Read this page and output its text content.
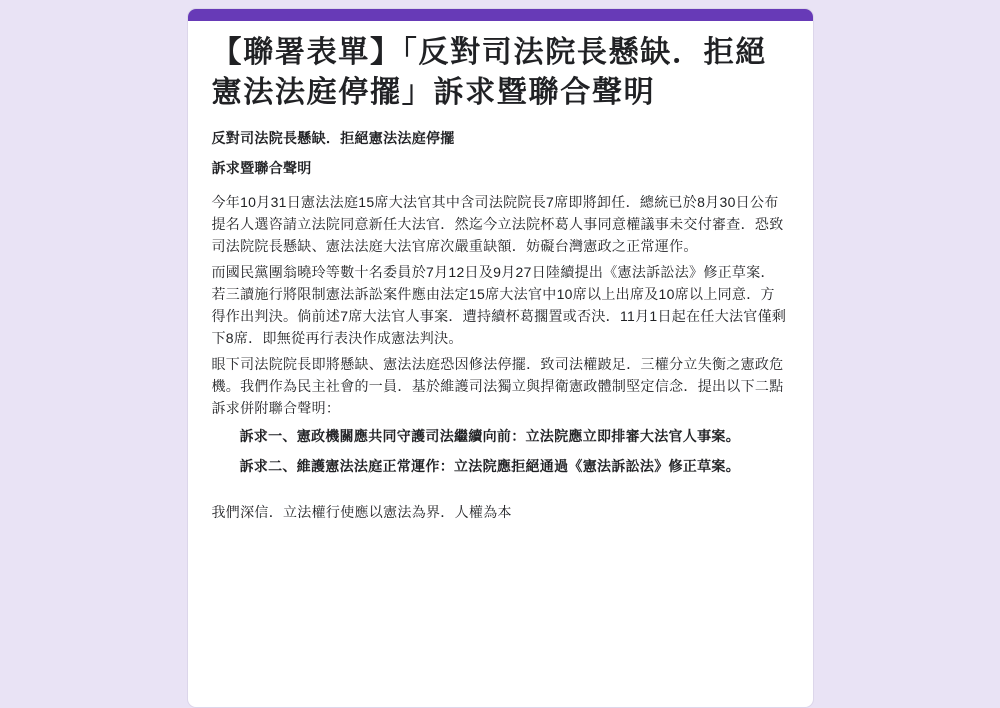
【聯署表單】「反對司法院長懸缺．拒絕憲法法庭停擺」訴求暨聯合聲明

反對司法院長懸缺．拒絕憲法法庭停擺

訴求暨聯合聲明

今年10月31日憲法法庭15席大法官其中含司法院院長7席即將卸任．總統已於8月30日公布提名人選咨請立法院同意新任大法官．然迄今立法院杯葛人事同意權議事未交付審查．恐致司法院院長懸缺、憲法法庭大法官席次嚴重缺額．妨礙台灣憲政之正常運作。

而國民黨團翁曉玲等數十名委員於7月12日及9月27日陸續提出《憲法訴訟法》修正草案．若三讀施行將限制憲法訴訟案件應由法定15席大法官中10席以上出席及10席以上同意．方得作出判決。倘前述7席大法官人事案．遭持續杯葛擱置或否決．11月1日起在任大法官僅剩下8席．即無從再行表決作成憲法判決。

眼下司法院院長即將懸缺、憲法法庭恐因修法停擺．致司法權跛足．三權分立失衡之憲政危機。我們作為民主社會的一員．基於維護司法獨立與捍衛憲政體制堅定信念．提出以下二點訴求併附聯合聲明：

訴求一、憲政機關應共同守護司法繼續向前：立法院應立即排審大法官人事案。

訴求二、維護憲法法庭正常運作：立法院應拒絕通過《憲法訴訟法》修正草案。

我們深信．立法權行使應以憲法為界．人權為本
